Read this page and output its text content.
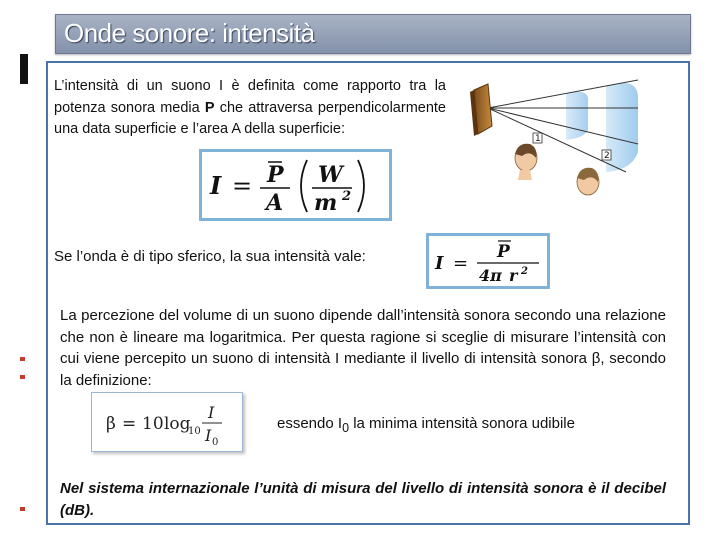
Onde sonore: intensità
L’intensità di un suono I è definita come rapporto tra la potenza sonora media P che attraversa perpendicolarmente una data superficie e l’area A della superficie:
I = P
A
W
m 2
1
2
Se l’onda è di tipo sferico, la sua intensità vale:	I =
P
4π r 2
La percezione del volume di un suono dipende dall’intensità sonora secondo una relazione che non è lineare ma logaritmica. Per questa ragione si sceglie di misurare l’intensità con cui viene percepito un suono di intensità I mediante il livello di intensità sonora β, secondo la definizione:
β = 10 log
10
I
I 0
essendo $I_0$ la minima intensità sonora udibile
Nel sistema internazionale l’unità di misura del livello di intensità sonora è il decibel (dB).
